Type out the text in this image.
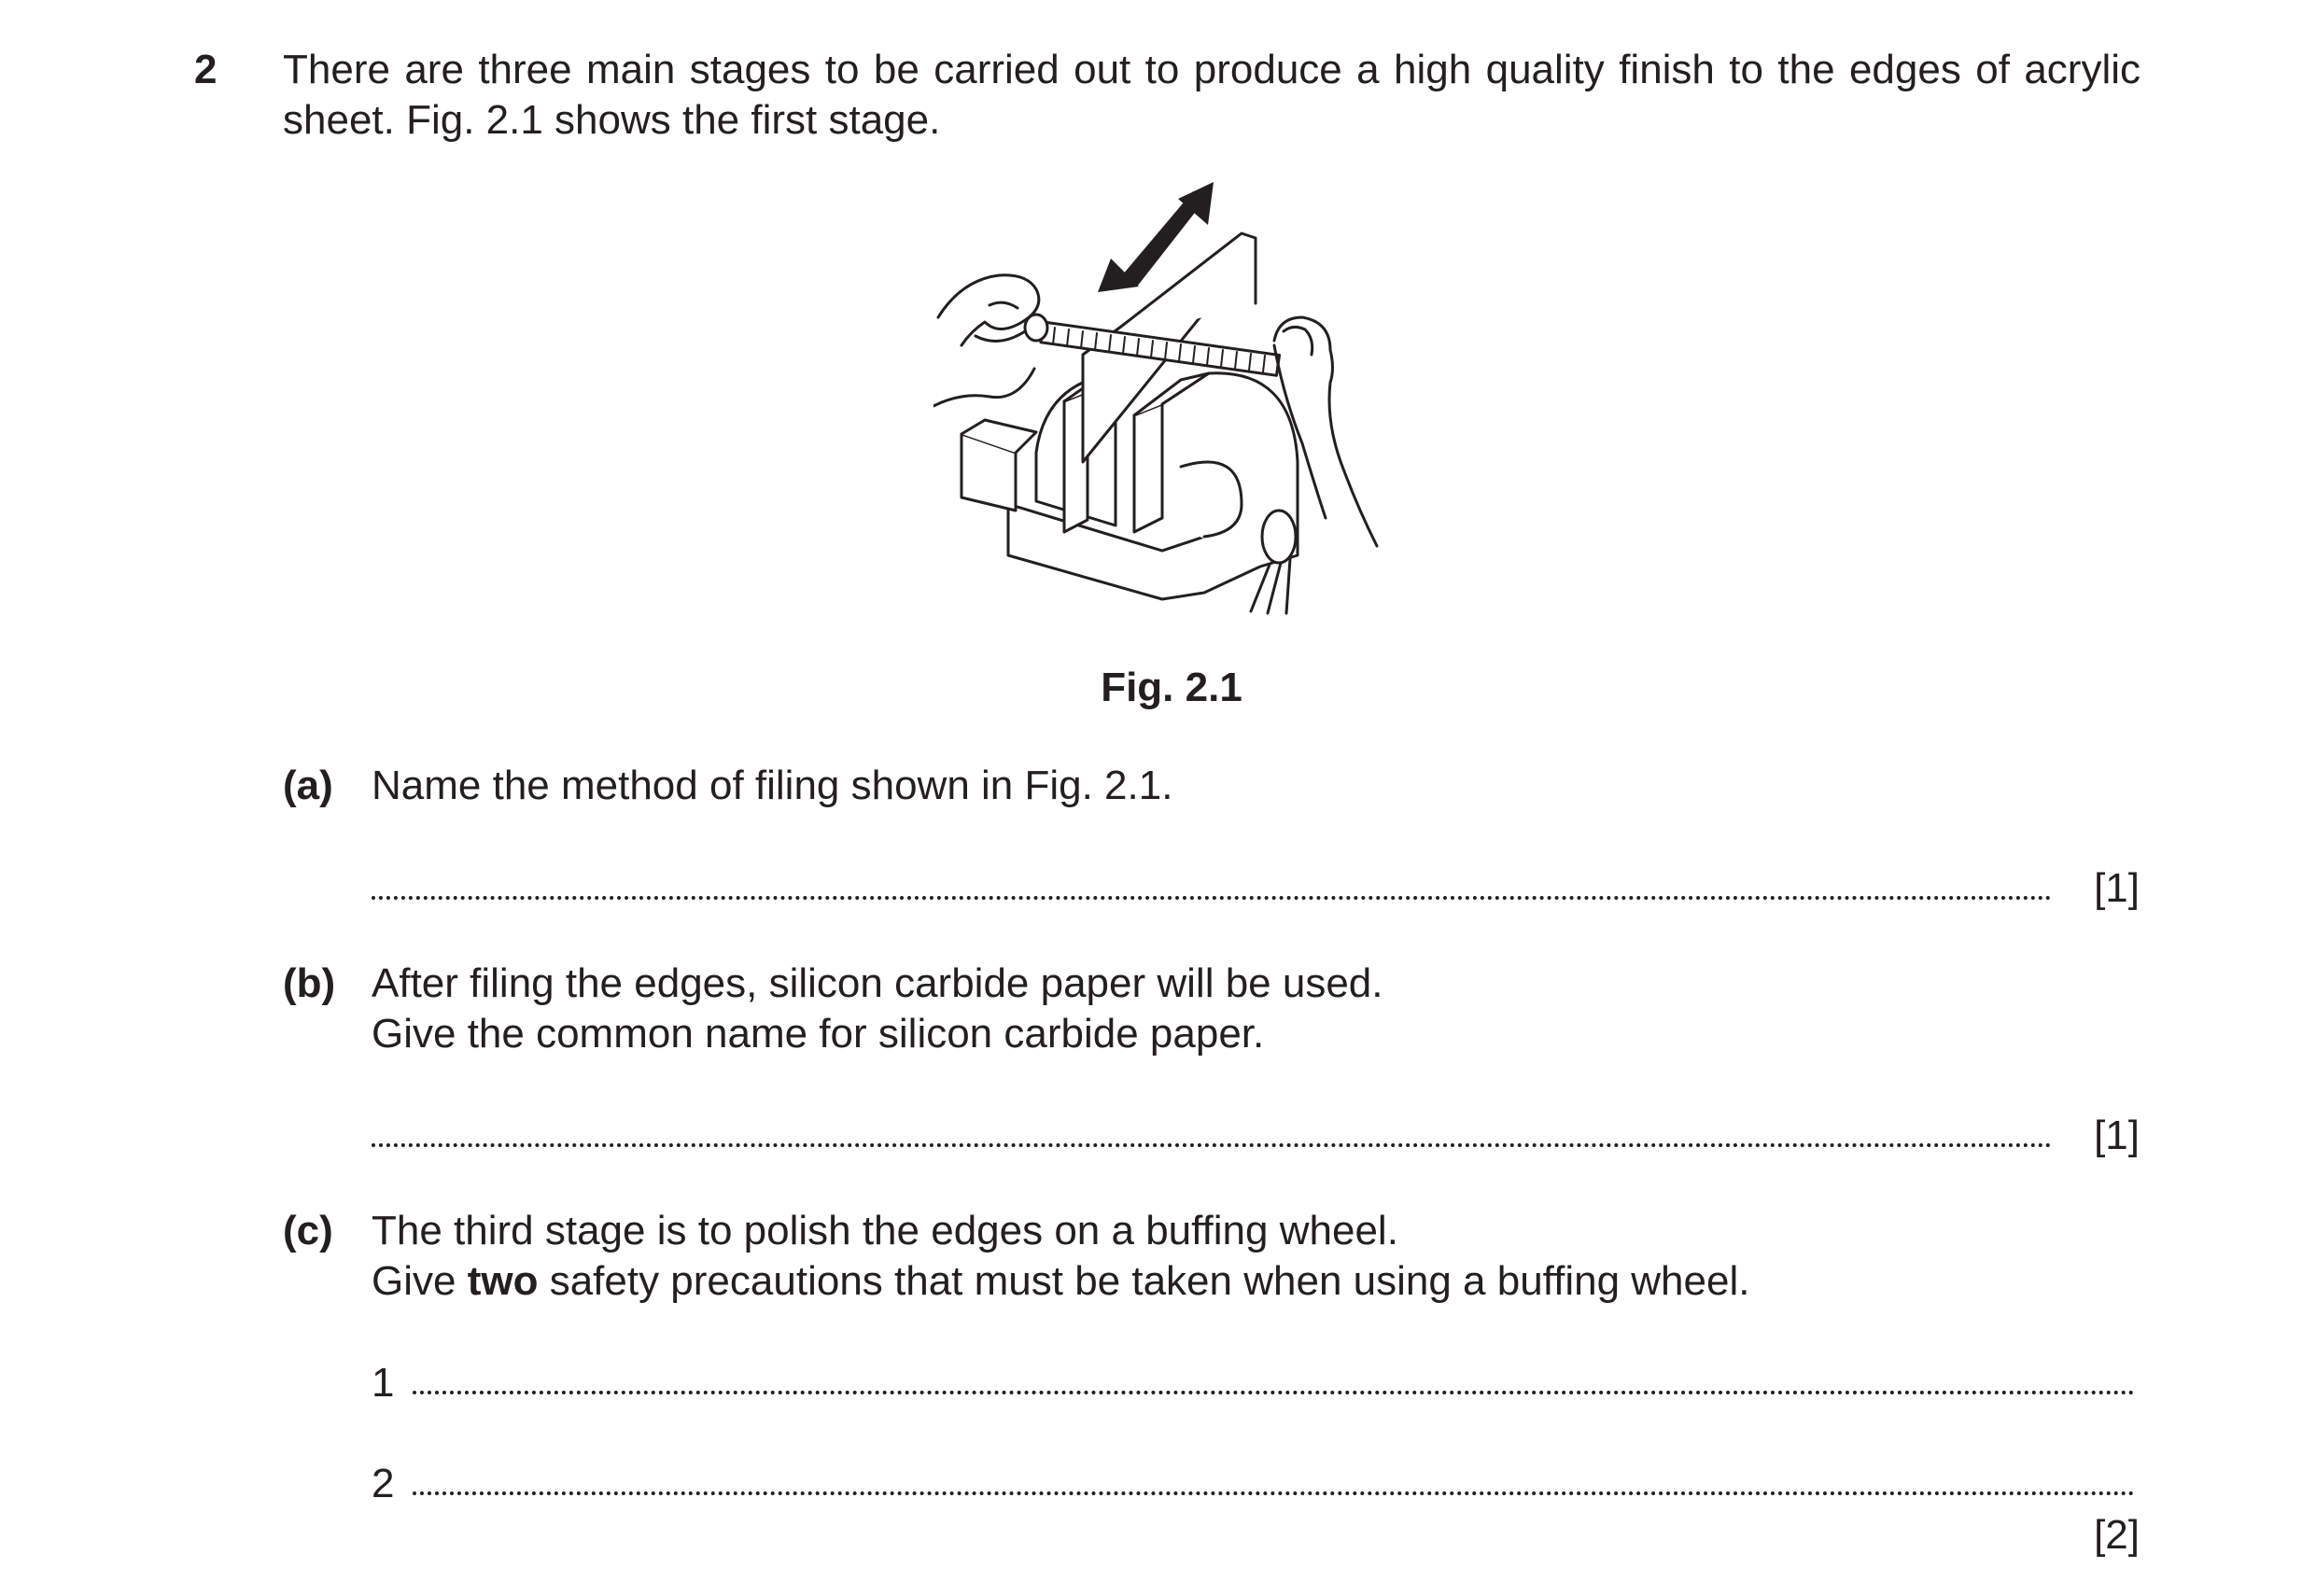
2 There are three main stages to be carried out to produce a high quality finish to the edges of acrylic sheet. Fig. 2.1 shows the first stage.
Fig. 2.1
(a) Name the method of filing shown in Fig. 2.1.
[1]
(b) After filing the edges, silicon carbide paper will be used.
Give the common name for silicon carbide paper.
[1]
(c) The third stage is to polish the edges on a buffing wheel.
Give two safety precautions that must be taken when using a buffing wheel.
1
2
[2]
